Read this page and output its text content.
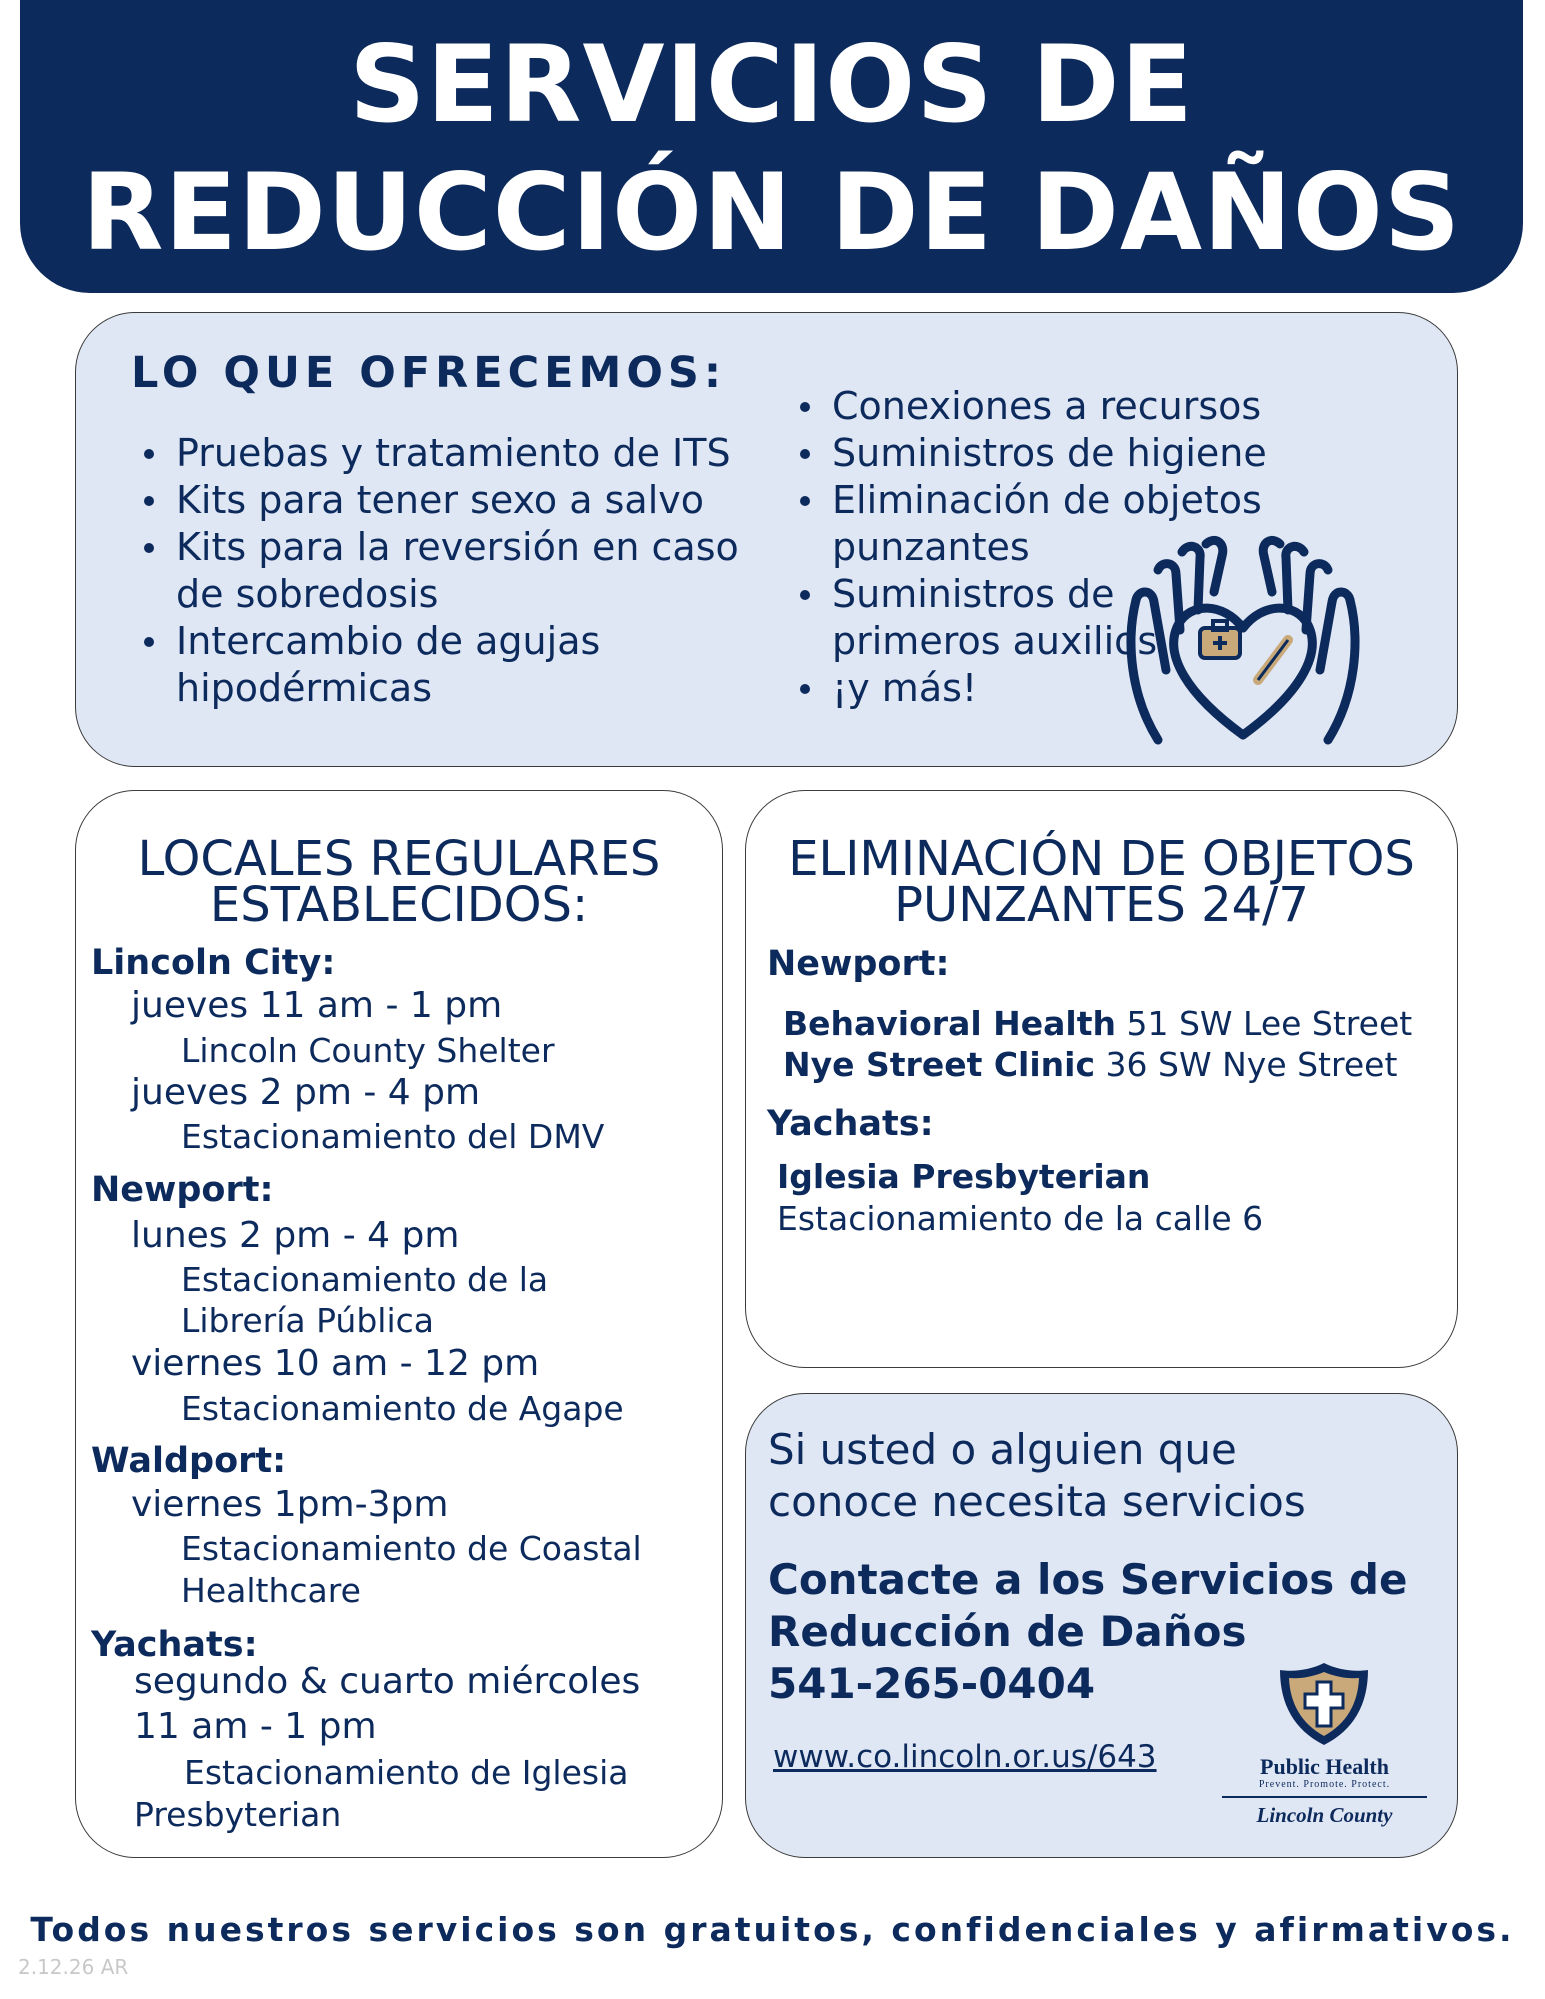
SERVICIOS DE
REDUCCIÓN DE DAÑOS
LO QUE OFRECEMOS:
Pruebas y tratamiento de ITS
Kits para tener sexo a salvo
Kits para la reversión en caso de sobredosis
Intercambio de agujas hipodérmicas
Conexiones a recursos
Suministros de higiene
Eliminación de objetos punzantes
Suministros de primeros auxilios
¡y más!
LOCALES REGULARES
ESTABLECIDOS:
Lincoln City:
jueves 11 am - 1 pm
Lincoln County Shelter
jueves 2 pm - 4 pm
Estacionamiento del DMV
Newport:
lunes 2 pm - 4 pm
Estacionamiento de la
Librería Pública
viernes 10 am - 12 pm
Estacionamiento de Agape
Waldport:
viernes 1pm-3pm
Estacionamiento de Coastal
Healthcare
Yachats:
segundo & cuarto miércoles
11 am - 1 pm
Estacionamiento de Iglesia
Presbyterian
ELIMINACIÓN DE OBJETOS
PUNZANTES 24/7
Newport:
Behavioral Health 51 SW Lee Street
Nye Street Clinic 36 SW Nye Street
Yachats:
Iglesia Presbyterian
Estacionamiento de la calle 6
Si usted o alguien que
conoce necesita servicios
Contacte a los Servicios de
Reducción de Daños
541-265-0404
www.co.lincoln.or.us/643	Public Health
Prevent. Promote. Protect.
Lincoln County
Todos nuestros servicios son gratuitos, confidenciales y afirmativos.
2.12.26 AR
